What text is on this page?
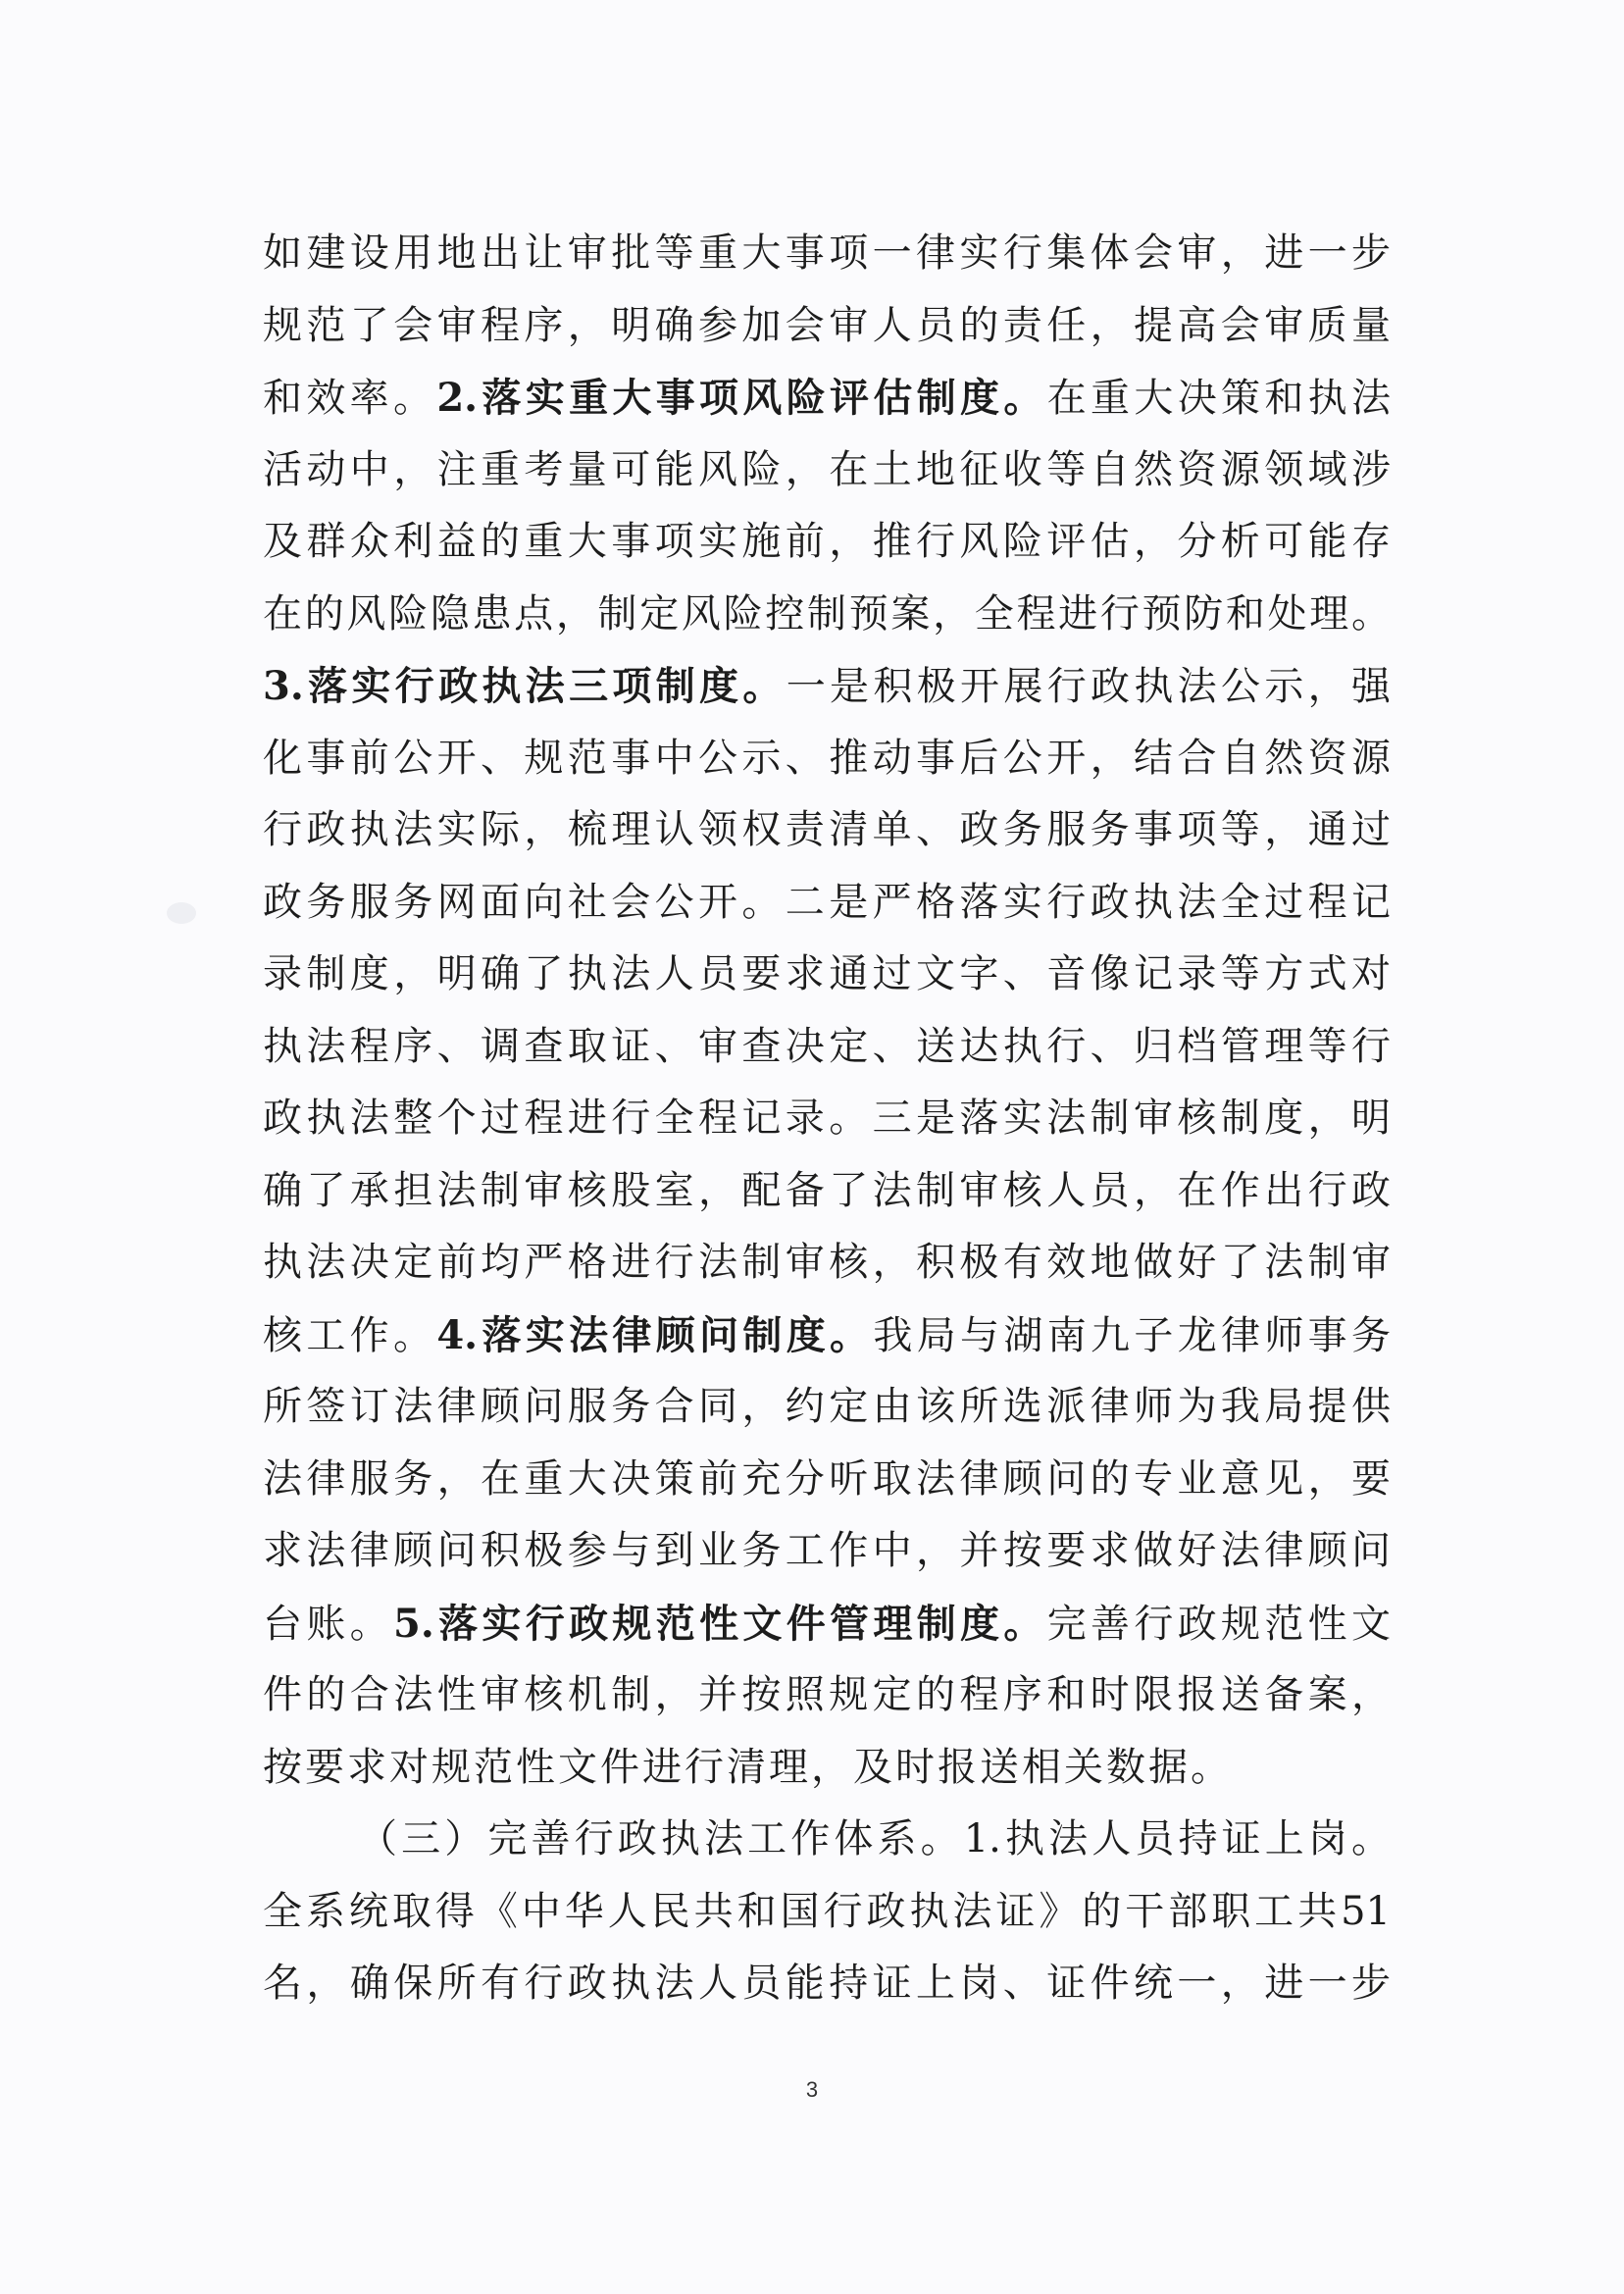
如建设用地出让审批等重大事项一律实行集体会审，进一步
规范了会审程序，明确参加会审人员的责任，提高会审质量
和效率。2.落实重大事项风险评估制度。在重大决策和执法
活动中，注重考量可能风险，在土地征收等自然资源领域涉
及群众利益的重大事项实施前，推行风险评估，分析可能存
在的风险隐患点，制定风险控制预案，全程进行预防和处理。
3.落实行政执法三项制度。一是积极开展行政执法公示，强
化事前公开、规范事中公示、推动事后公开，结合自然资源
行政执法实际，梳理认领权责清单、政务服务事项等，通过
政务服务网面向社会公开。二是严格落实行政执法全过程记
录制度，明确了执法人员要求通过文字、音像记录等方式对
执法程序、调查取证、审查决定、送达执行、归档管理等行
政执法整个过程进行全程记录。三是落实法制审核制度，明
确了承担法制审核股室，配备了法制审核人员，在作出行政
执法决定前均严格进行法制审核，积极有效地做好了法制审
核工作。4.落实法律顾问制度。我局与湖南九子龙律师事务
所签订法律顾问服务合同，约定由该所选派律师为我局提供
法律服务，在重大决策前充分听取法律顾问的专业意见，要
求法律顾问积极参与到业务工作中，并按要求做好法律顾问
台账。5.落实行政规范性文件管理制度。完善行政规范性文
件的合法性审核机制，并按照规定的程序和时限报送备案，
按要求对规范性文件进行清理，及时报送相关数据。
（三）完善行政执法工作体系。1.执法人员持证上岗。
全系统取得《中华人民共和国行政执法证》的干部职工共51
名，确保所有行政执法人员能持证上岗、证件统一，进一步
3
